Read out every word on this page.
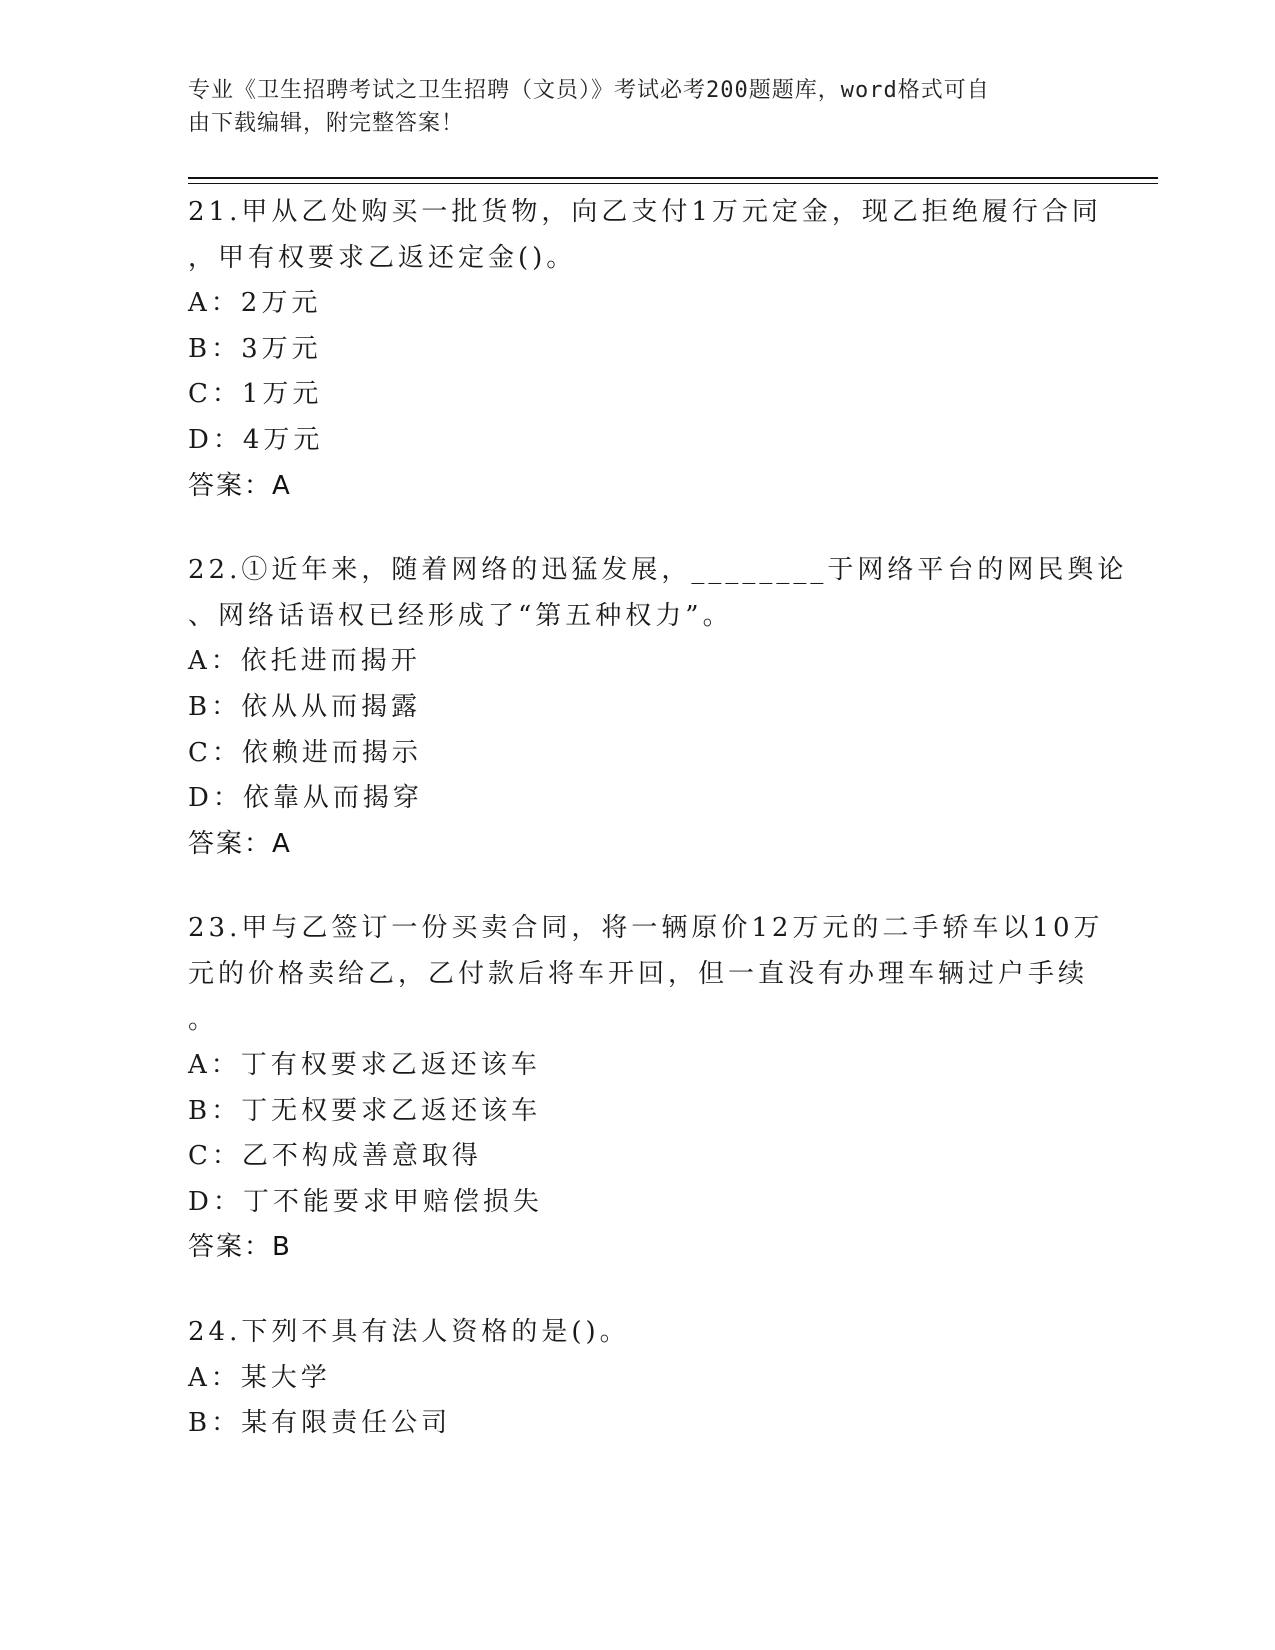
专业《卫生招聘考试之卫生招聘（文员）》考试必考200题题库，word格式可自
由下载编辑，附完整答案！
21.甲从乙处购买一批货物，向乙支付1万元定金，现乙拒绝履行合同
，甲有权要求乙返还定金()。
A：2万元
B：3万元
C：1万元
D：4万元
答案：A
22.①近年来，随着网络的迅猛发展，________于网络平台的网民舆论
、网络话语权已经形成了“第五种权力”。
A：依托进而揭开
B：依从从而揭露
C：依赖进而揭示
D：依靠从而揭穿
答案：A
23.甲与乙签订一份买卖合同，将一辆原价12万元的二手轿车以10万
元的价格卖给乙，乙付款后将车开回，但一直没有办理车辆过户手续
。
A：丁有权要求乙返还该车
B：丁无权要求乙返还该车
C：乙不构成善意取得
D：丁不能要求甲赔偿损失
答案：B
24.下列不具有法人资格的是()。
A：某大学
B：某有限责任公司
